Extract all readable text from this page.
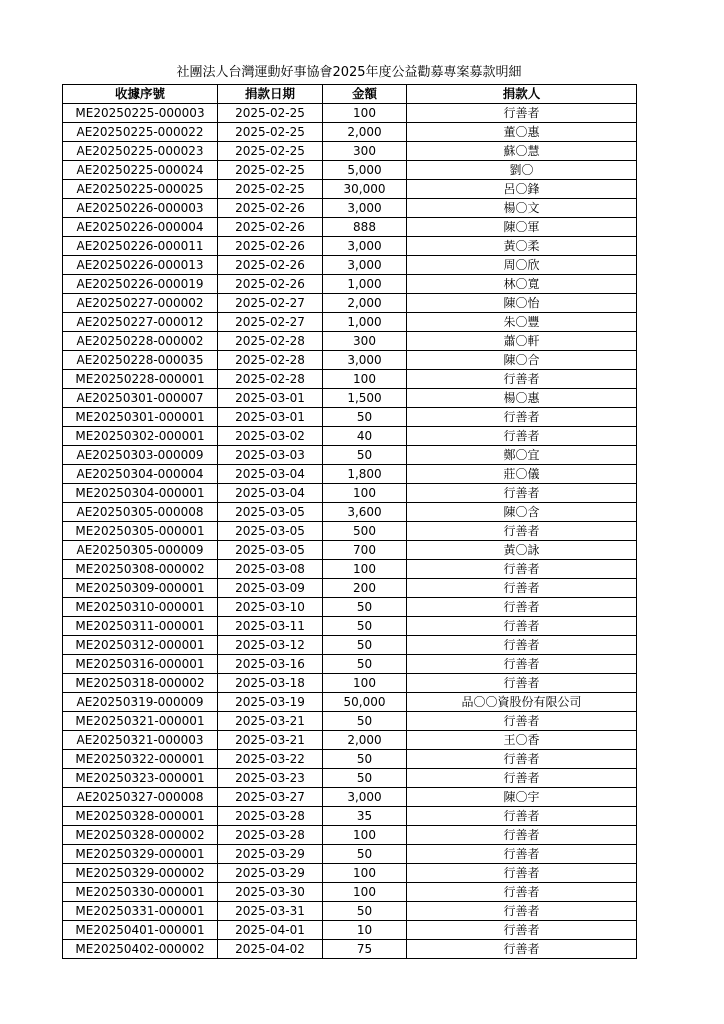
社團法人台灣運動好事協會2025年度公益勸募專案募款明細
收據序號	捐款日期	金額	捐款人
ME20250225-000003	2025-02-25	100	行善者
AE20250225-000022	2025-02-25	2,000	董〇惠
AE20250225-000023	2025-02-25	300	蘇〇慧
AE20250225-000024	2025-02-25	5,000	劉〇
AE20250225-000025	2025-02-25	30,000	呂〇鋒
AE20250226-000003	2025-02-26	3,000	楊〇文
AE20250226-000004	2025-02-26	888	陳〇軍
AE20250226-000011	2025-02-26	3,000	黃〇柔
AE20250226-000013	2025-02-26	3,000	周〇欣
AE20250226-000019	2025-02-26	1,000	林〇寬
AE20250227-000002	2025-02-27	2,000	陳〇怡
AE20250227-000012	2025-02-27	1,000	朱〇豐
AE20250228-000002	2025-02-28	300	蕭〇軒
AE20250228-000035	2025-02-28	3,000	陳〇合
ME20250228-000001	2025-02-28	100	行善者
AE20250301-000007	2025-03-01	1,500	楊〇惠
ME20250301-000001	2025-03-01	50	行善者
ME20250302-000001	2025-03-02	40	行善者
AE20250303-000009	2025-03-03	50	鄭〇宜
AE20250304-000004	2025-03-04	1,800	莊〇儀
ME20250304-000001	2025-03-04	100	行善者
AE20250305-000008	2025-03-05	3,600	陳〇含
ME20250305-000001	2025-03-05	500	行善者
AE20250305-000009	2025-03-05	700	黃〇詠
ME20250308-000002	2025-03-08	100	行善者
ME20250309-000001	2025-03-09	200	行善者
ME20250310-000001	2025-03-10	50	行善者
ME20250311-000001	2025-03-11	50	行善者
ME20250312-000001	2025-03-12	50	行善者
ME20250316-000001	2025-03-16	50	行善者
ME20250318-000002	2025-03-18	100	行善者
AE20250319-000009	2025-03-19	50,000	品〇〇資股份有限公司
ME20250321-000001	2025-03-21	50	行善者
AE20250321-000003	2025-03-21	2,000	王〇香
ME20250322-000001	2025-03-22	50	行善者
ME20250323-000001	2025-03-23	50	行善者
AE20250327-000008	2025-03-27	3,000	陳〇宇
ME20250328-000001	2025-03-28	35	行善者
ME20250328-000002	2025-03-28	100	行善者
ME20250329-000001	2025-03-29	50	行善者
ME20250329-000002	2025-03-29	100	行善者
ME20250330-000001	2025-03-30	100	行善者
ME20250331-000001	2025-03-31	50	行善者
ME20250401-000001	2025-04-01	10	行善者
ME20250402-000002	2025-04-02	75	行善者
